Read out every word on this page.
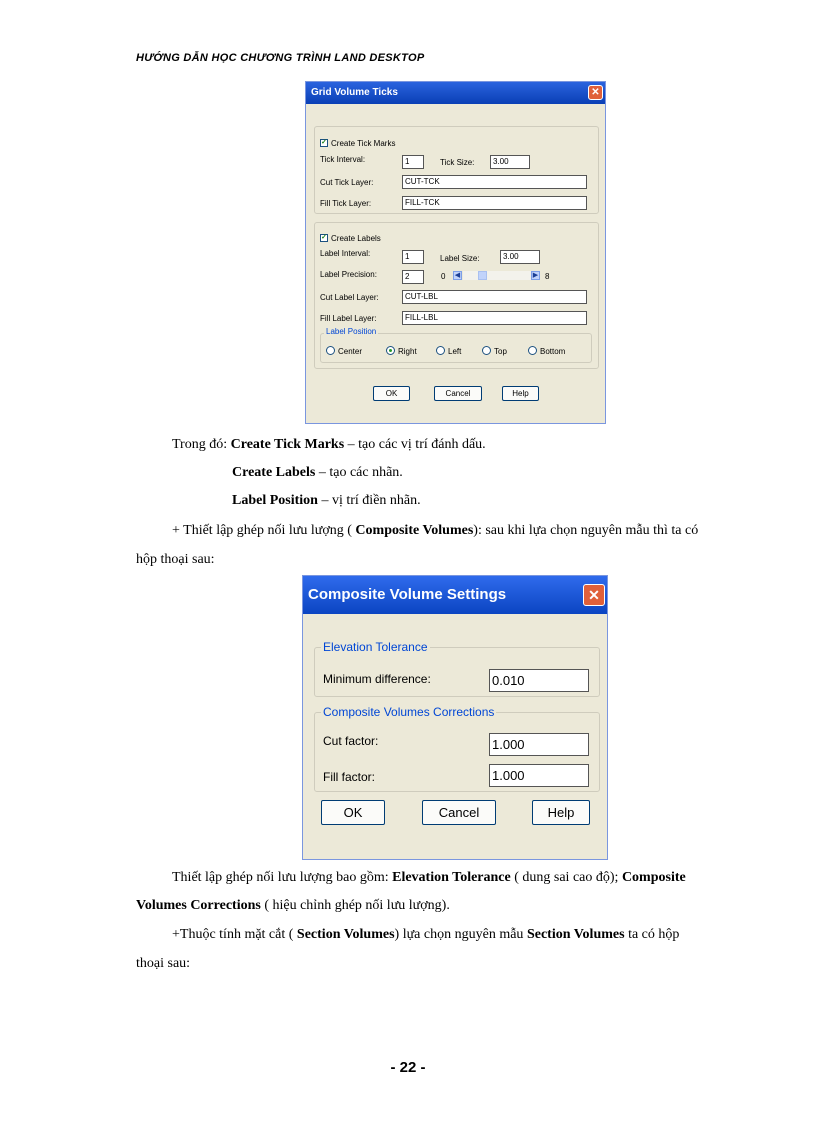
HƯỚNG DẪN HỌC CHƯƠNG TRÌNH LAND DESKTOP
Grid Volume Ticks	✕
✓ Create Tick Marks
Tick Interval:	1	Tick Size:	3.00
Cut Tick Layer:	CUT-TCK
Fill Tick Layer:	FILL-TCK
✓ Create Labels
Label Interval:	1	Label Size:	3.00
Label Precision:	2	0 ◀	▶ 8
Cut Label Layer:	CUT-LBL
Fill Label Layer:	FILL-LBL
Label Position
Center	Right	Left	Top	Bottom
OK	Cancel	Help
Trong đó: Create Tick Marks – tạo các vị trí đánh dấu.
Create Labels – tạo các nhãn.
Label Position – vị trí điền nhãn.
+ Thiết lập ghép nối lưu lượng ( Composite Volumes): sau khi lựa chọn nguyên mẫu thì ta có
hộp thoại sau:
Composite Volume Settings	✕
Elevation Tolerance
Minimum difference:	0.010
Composite Volumes Corrections
Cut factor:	1.000
Fill factor:	1.000
OK	Cancel	Help
Thiết lập ghép nối lưu lượng bao gồm: Elevation Tolerance ( dung sai cao độ); Composite
Volumes Corrections ( hiệu chỉnh ghép nối lưu lượng).
+Thuộc tính mặt cắt ( Section Volumes) lựa chọn nguyên mẫu Section Volumes ta có hộp
thoại sau:
- 22 -
